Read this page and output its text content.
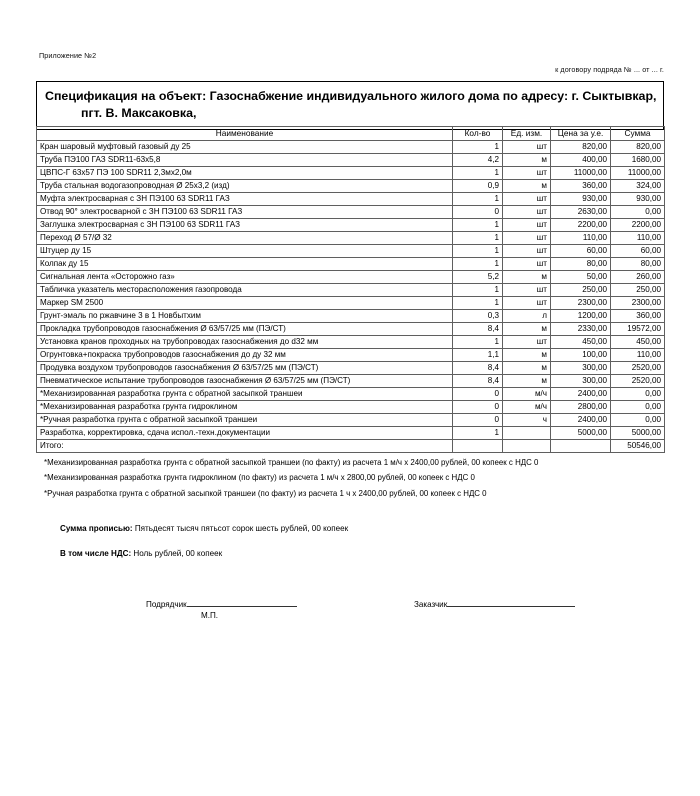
Приложение №2
к договору подряда № ... от ... г.
Спецификация на объект: Газоснабжение индивидуального жилого дома по адресу: г. Сыктывкар,
пгт. В. Максаковка,
Наименование	Кол-во	Ед. изм.	Цена за у.е.	Сумма
Кран шаровый муфтовый газовый ду 25	1	шт	820,00	820,00
Труба ПЭ100 ГАЗ SDR11-63х5,8	4,2	м	400,00	1680,00
ЦВПС-Г 63х57 ПЭ 100 SDR11 2,3мх2,0м	1	шт	11000,00	11000,00
Труба стальная водогазопроводная Ø 25х3,2 (изд)	0,9	м	360,00	324,00
Муфта электросварная с ЗН ПЭ100 63 SDR11 ГАЗ	1	шт	930,00	930,00
Отвод 90° электросварной с ЗН ПЭ100 63 SDR11 ГАЗ	0	шт	2630,00	0,00
Заглушка электросварная с ЗН ПЭ100 63 SDR11 ГАЗ	1	шт	2200,00	2200,00
Переход Ø 57/Ø 32	1	шт	110,00	110,00
Штуцер ду 15	1	шт	60,00	60,00
Колпак ду 15	1	шт	80,00	80,00
Сигнальная лента «Осторожно газ»	5,2	м	50,00	260,00
Табличка указатель месторасположения газопровода	1	шт	250,00	250,00
Маркер SM 2500	1	шт	2300,00	2300,00
Грунт-эмаль по ржавчине 3 в 1 Новбытхим	0,3	л	1200,00	360,00
Прокладка трубопроводов газоснабжения Ø 63/57/25 мм (ПЭ/СТ)	8,4	м	2330,00	19572,00
Установка кранов проходных на трубопроводах газоснабжения до d32 мм	1	шт	450,00	450,00
Огрунтовка+покраска трубопроводов газоснабжения до ду 32 мм	1,1	м	100,00	110,00
Продувка воздухом трубопроводов газоснабжения Ø 63/57/25 мм (ПЭ/СТ)	8,4	м	300,00	2520,00
Пневматическое испытание трубопроводов газоснабжения Ø 63/57/25 мм (ПЭ/СТ)	8,4	м	300,00	2520,00
*Механизированная разработка грунта с обратной засыпкой траншеи	0	м/ч	2400,00	0,00
*Механизированная разработка грунта гидроклином	0	м/ч	2800,00	0,00
*Ручная разработка грунта с обратной засыпкой траншеи	0	ч	2400,00	0,00
Разработка, корректировка, сдача испол.-техн.документации	1		5000,00	5000,00
Итого:				50546,00
*Механизированная разработка грунта с обратной засыпкой траншеи (по факту) из расчета 1 м/ч х 2400,00 рублей, 00 копеек с НДС 0
*Механизированная разработка грунта гидроклином (по факту) из расчета 1 м/ч х 2800,00 рублей, 00 копеек с НДС 0
*Ручная разработка грунта с обратной засыпкой траншеи (по факту) из расчета 1 ч х 2400,00 рублей, 00 копеек с НДС 0
Сумма прописью: Пятьдесят тысяч пятьсот сорок шесть рублей, 00 копеек
В том числе НДС: Ноль рублей, 00 копеек
Подрядчик	Заказчик
М.П.
